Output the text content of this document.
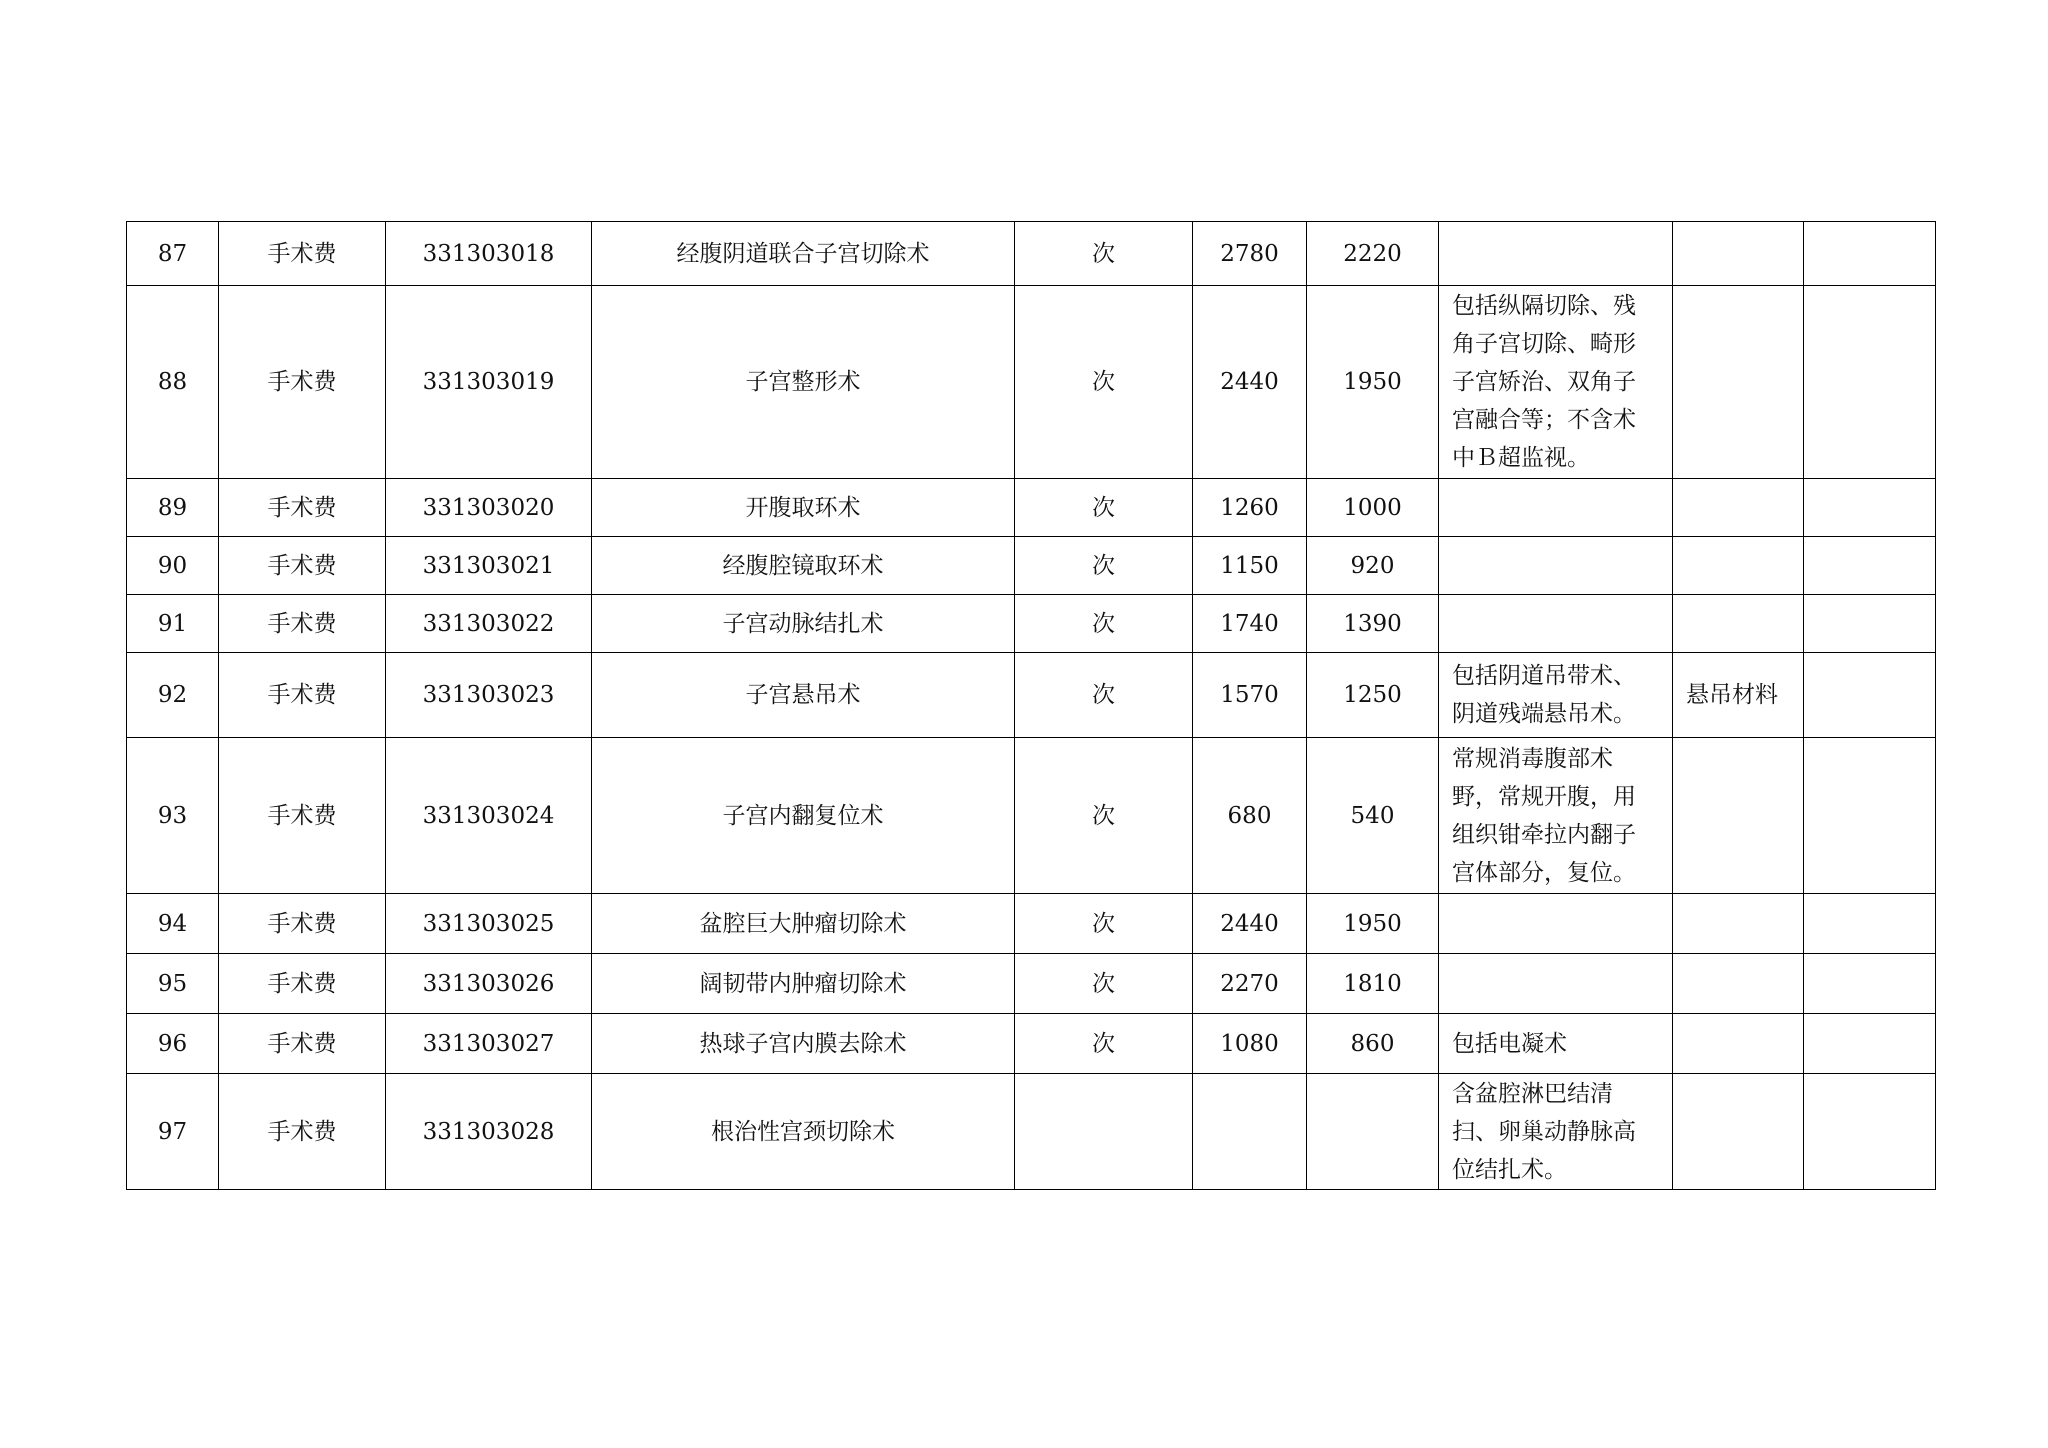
87	手术费	331303018	经腹阴道联合子宫切除术	次	2780	2220			
88	手术费	331303019	子宫整形术	次	2440	1950	包括纵隔切除、残角子宫切除、畸形子宫矫治、双角子宫融合等；不含术中Ｂ超监视。		
89	手术费	331303020	开腹取环术	次	1260	1000			
90	手术费	331303021	经腹腔镜取环术	次	1150	920			
91	手术费	331303022	子宫动脉结扎术	次	1740	1390			
92	手术费	331303023	子宫悬吊术	次	1570	1250	包括阴道吊带术、阴道残端悬吊术。	悬吊材料	
93	手术费	331303024	子宫内翻复位术	次	680	540	常规消毒腹部术野，常规开腹，用组织钳牵拉内翻子宫体部分，复位。		
94	手术费	331303025	盆腔巨大肿瘤切除术	次	2440	1950			
95	手术费	331303026	阔韧带内肿瘤切除术	次	2270	1810			
96	手术费	331303027	热球子宫内膜去除术	次	1080	860	包括电凝术		
97	手术费	331303028	根治性宫颈切除术				含盆腔淋巴结清扫、卵巢动静脉高位结扎术。		
